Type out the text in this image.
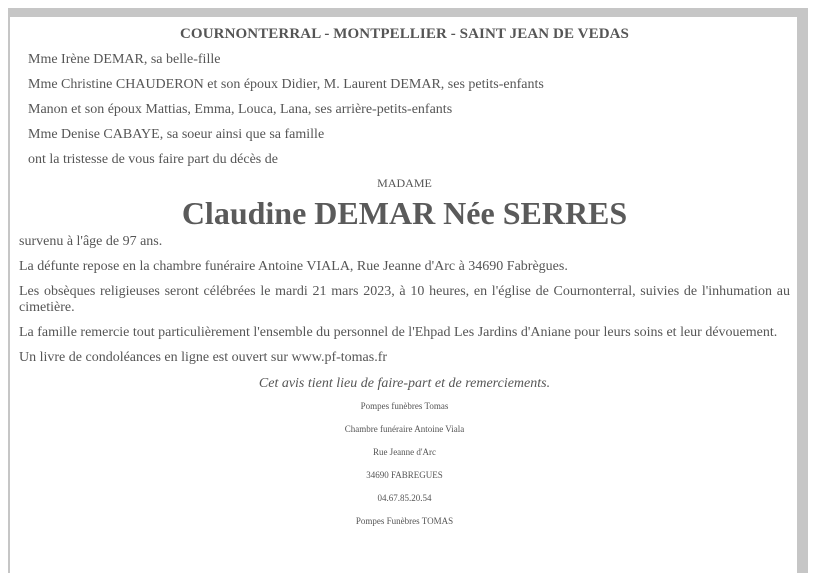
COURNONTERRAL - MONTPELLIER - SAINT JEAN DE VEDAS
Mme Irène DEMAR, sa belle-fille
Mme Christine CHAUDERON et son époux Didier, M. Laurent DEMAR, ses petits-enfants
Manon et son époux Mattias, Emma, Louca, Lana, ses arrière-petits-enfants
Mme Denise CABAYE, sa soeur ainsi que sa famille
ont la tristesse de vous faire part du décès de
MADAME
Claudine DEMAR Née SERRES
survenu à l'âge de 97 ans.
La défunte repose en la chambre funéraire Antoine VIALA, Rue Jeanne d'Arc à 34690 Fabrègues.
Les obsèques religieuses seront célébrées le mardi 21 mars 2023, à 10 heures, en l'église de Cournonterral, suivies de l'inhumation au cimetière.
La famille remercie tout particulièrement l'ensemble du personnel de l'Ehpad Les Jardins d'Aniane pour leurs soins et leur dévouement.
Un livre de condoléances en ligne est ouvert sur www.pf-tomas.fr
Cet avis tient lieu de faire-part et de remerciements.
Pompes funèbres Tomas
Chambre funéraire Antoine Viala
Rue Jeanne d'Arc
34690 FABREGUES
04.67.85.20.54
Pompes Funèbres TOMAS
